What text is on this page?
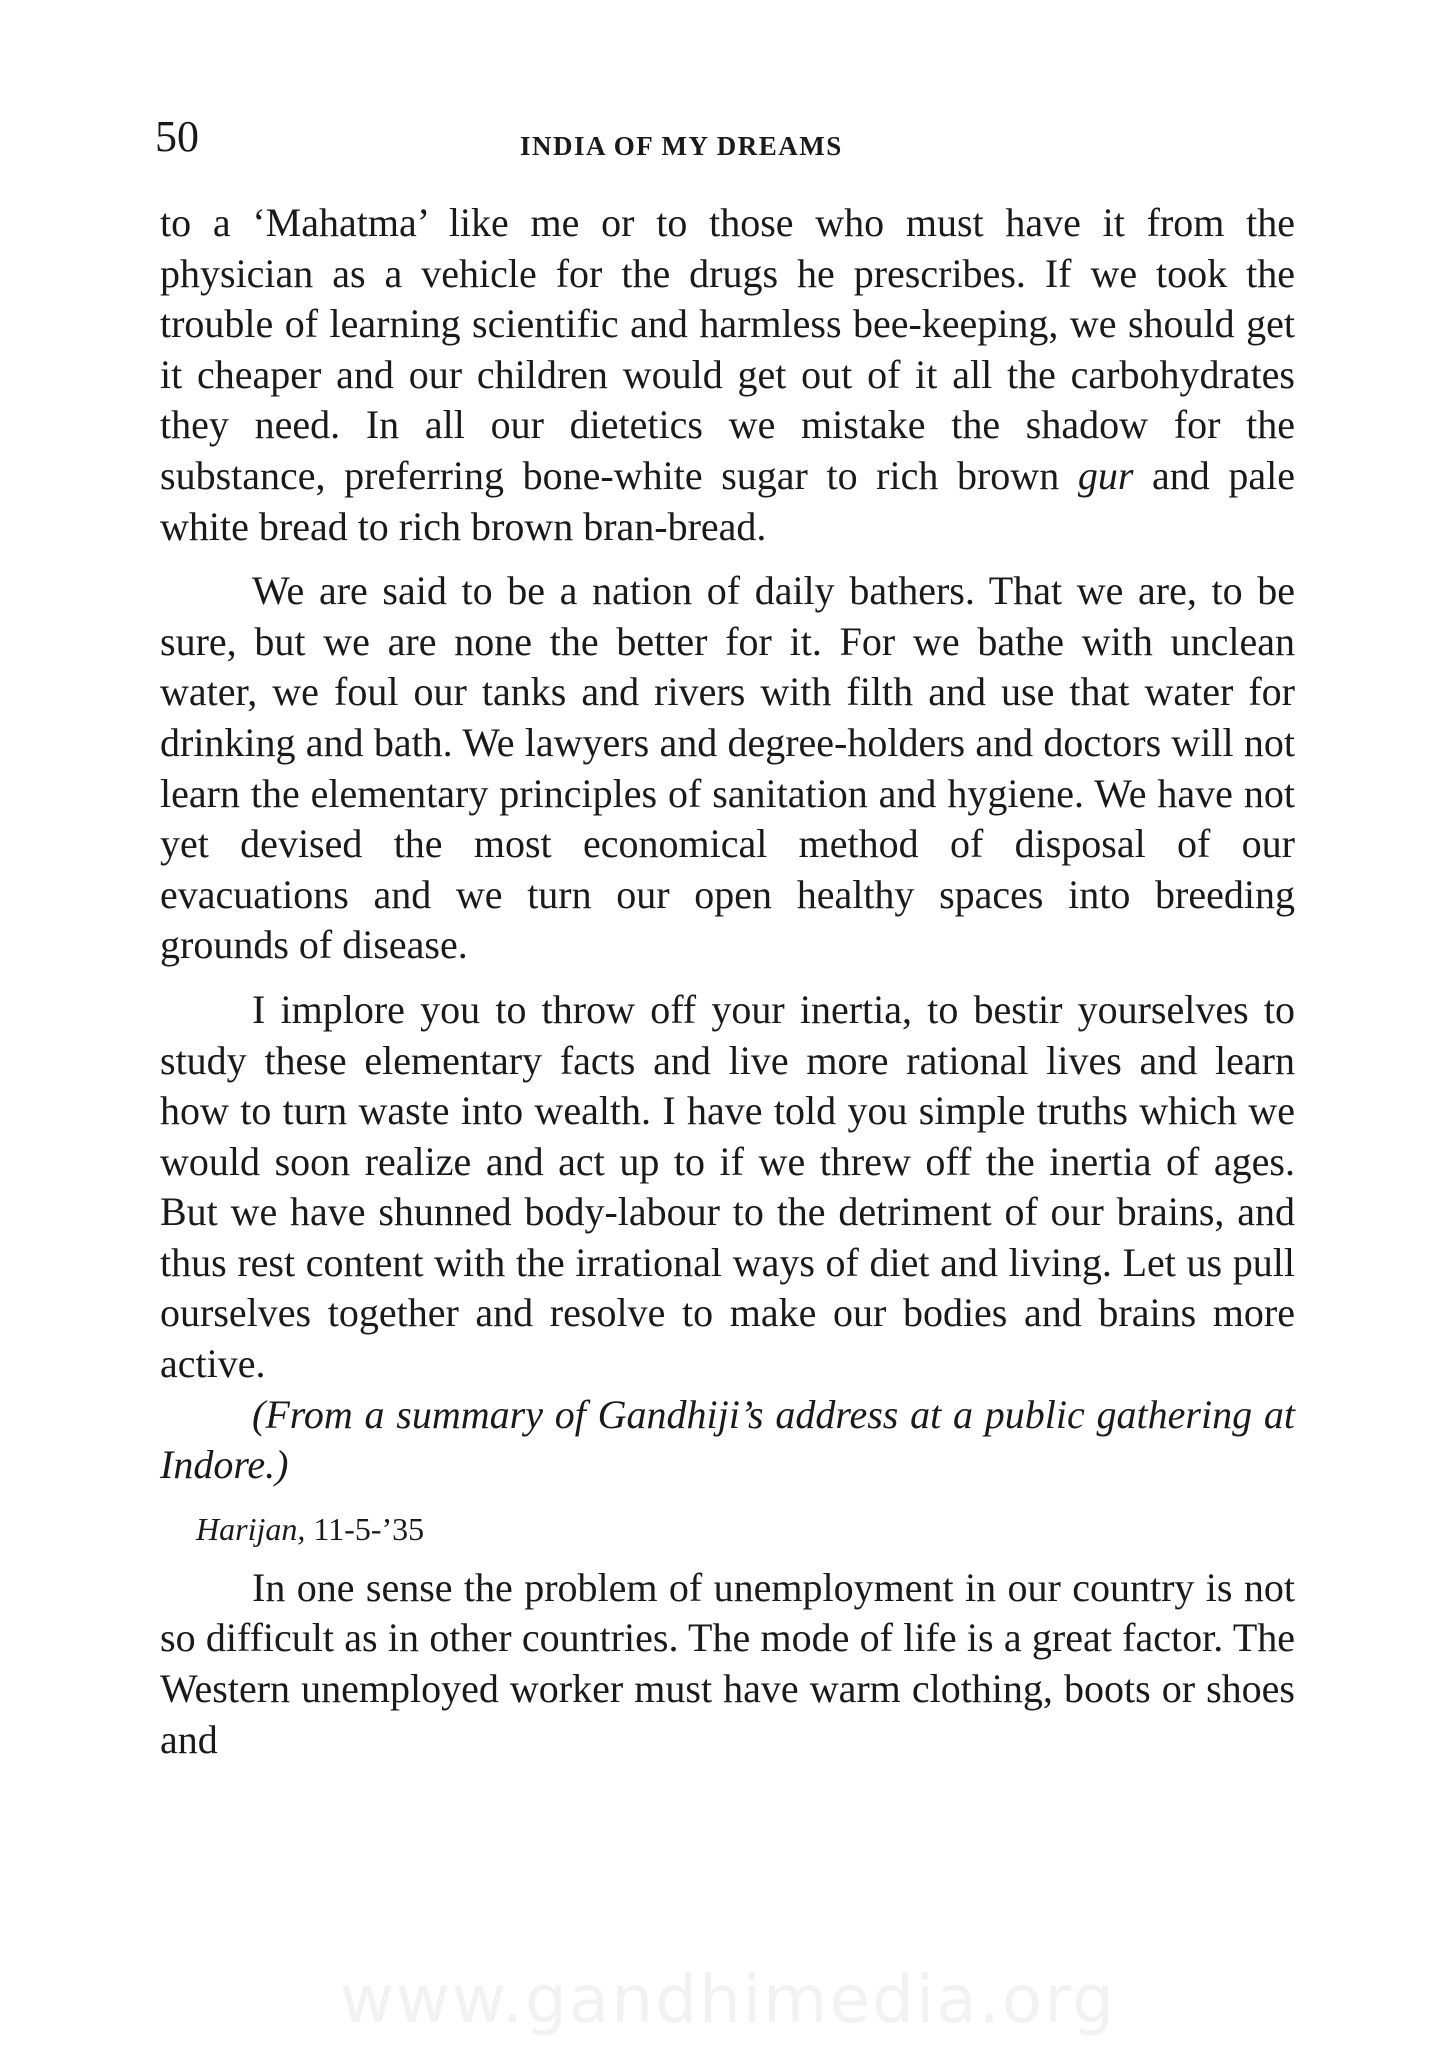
50	INDIA OF MY DREAMS

to a ‘Mahatma’ like me or to those who must have it from the physician as a vehicle for the drugs he prescribes. If we took the trouble of learning scientific and harmless bee-keeping, we should get it cheaper and our children would get out of it all the carbohydrates they need. In all our dietetics we mistake the shadow for the substance, preferring bone-white sugar to rich brown gur and pale white bread to rich brown bran-bread.

We are said to be a nation of daily bathers. That we are, to be sure, but we are none the better for it. For we bathe with unclean water, we foul our tanks and rivers with filth and use that water for drinking and bath. We lawyers and degree-holders and doctors will not learn the elementary principles of sanitation and hygiene. We have not yet devised the most economical method of disposal of our evacuations and we turn our open healthy spaces into breeding grounds of disease.

I implore you to throw off your inertia, to bestir yourselves to study these elementary facts and live more rational lives and learn how to turn waste into wealth. I have told you simple truths which we would soon realize and act up to if we threw off the inertia of ages. But we have shunned body-labour to the detriment of our brains, and thus rest content with the irrational ways of diet and living. Let us pull ourselves together and resolve to make our bodies and brains more active.

(From a summary of Gandhiji’s address at a public gathering at Indore.)

Harijan, 11-5-’35

In one sense the problem of unemployment in our country is not so difficult as in other countries. The mode of life is a great factor. The Western unemployed worker must have warm clothing, boots or shoes and

www.gandhimedia.org
